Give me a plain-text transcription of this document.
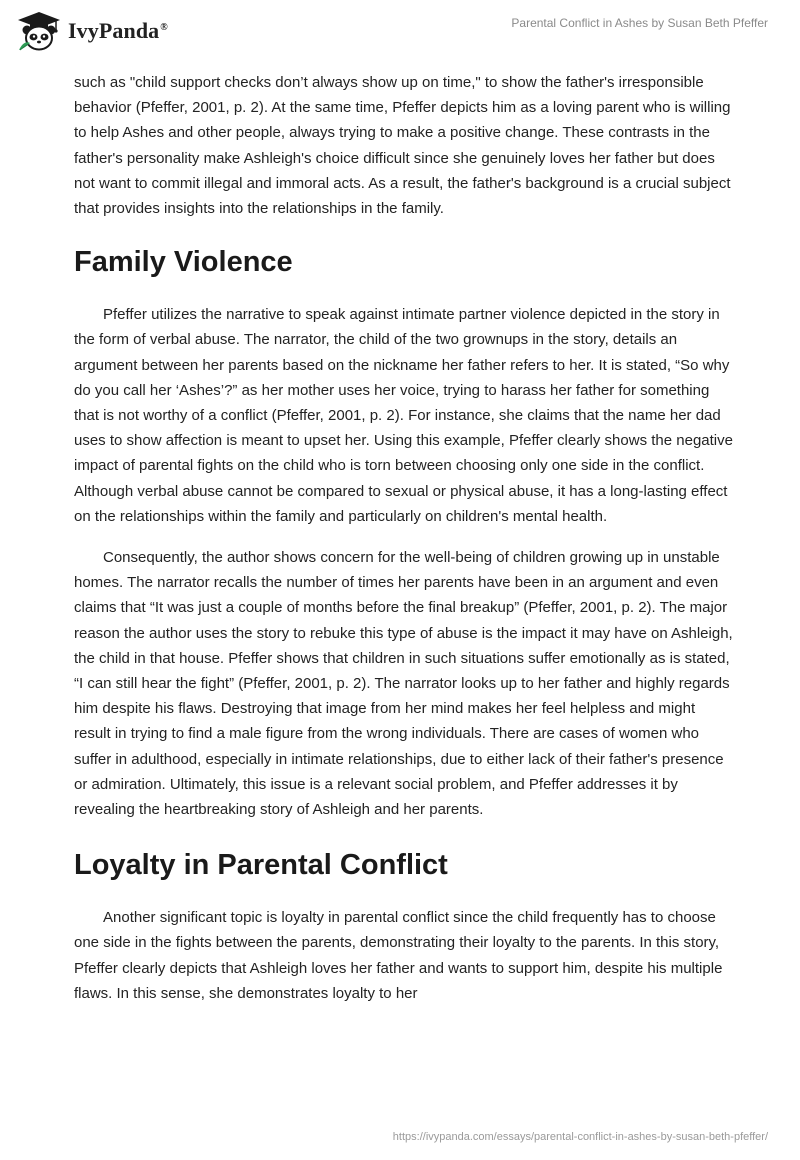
IvyPanda®	Parental Conflict in Ashes by Susan Beth Pfeffer

such as "child support checks don’t always show up on time," to show the father's irresponsible behavior (Pfeffer, 2001, p. 2). At the same time, Pfeffer depicts him as a loving parent who is willing to help Ashes and other people, always trying to make a positive change. These contrasts in the father's personality make Ashleigh's choice difficult since she genuinely loves her father but does not want to commit illegal and immoral acts. As a result, the father's background is a crucial subject that provides insights into the relationships in the family.

Family Violence

Pfeffer utilizes the narrative to speak against intimate partner violence depicted in the story in the form of verbal abuse. The narrator, the child of the two grownups in the story, details an argument between her parents based on the nickname her father refers to her. It is stated, “So why do you call her ‘Ashes’?” as her mother uses her voice, trying to harass her father for something that is not worthy of a conflict (Pfeffer, 2001, p. 2). For instance, she claims that the name her dad uses to show affection is meant to upset her. Using this example, Pfeffer clearly shows the negative impact of parental fights on the child who is torn between choosing only one side in the conflict. Although verbal abuse cannot be compared to sexual or physical abuse, it has a long-lasting effect on the relationships within the family and particularly on children's mental health.

Consequently, the author shows concern for the well-being of children growing up in unstable homes. The narrator recalls the number of times her parents have been in an argument and even claims that “It was just a couple of months before the final breakup” (Pfeffer, 2001, p. 2). The major reason the author uses the story to rebuke this type of abuse is the impact it may have on Ashleigh, the child in that house. Pfeffer shows that children in such situations suffer emotionally as is stated, “I can still hear the fight” (Pfeffer, 2001, p. 2). The narrator looks up to her father and highly regards him despite his flaws. Destroying that image from her mind makes her feel helpless and might result in trying to find a male figure from the wrong individuals. There are cases of women who suffer in adulthood, especially in intimate relationships, due to either lack of their father's presence or admiration. Ultimately, this issue is a relevant social problem, and Pfeffer addresses it by revealing the heartbreaking story of Ashleigh and her parents.

Loyalty in Parental Conflict

Another significant topic is loyalty in parental conflict since the child frequently has to choose one side in the fights between the parents, demonstrating their loyalty to the parents. In this story, Pfeffer clearly depicts that Ashleigh loves her father and wants to support him, despite his multiple flaws. In this sense, she demonstrates loyalty to her

https://ivypanda.com/essays/parental-conflict-in-ashes-by-susan-beth-pfeffer/
